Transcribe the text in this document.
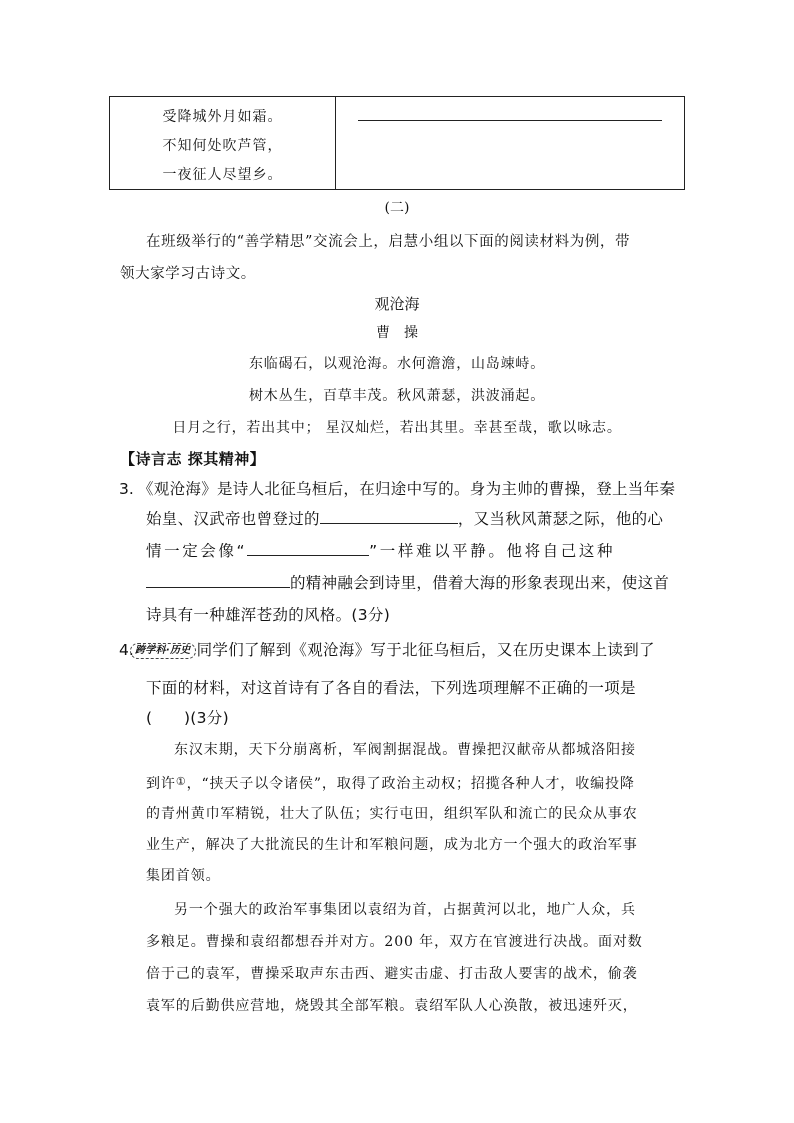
受降城外月如霜。
不知何处吹芦管，
一夜征人尽望乡。
(二)
在班级举行的“善学精思”交流会上，启慧小组以下面的阅读材料为例，带
领大家学习古诗文。
观沧海
曹操
东临碣石，以观沧海。水何澹澹，山岛竦峙。
树木丛生，百草丰茂。秋风萧瑟，洪波涌起。
日月之行，若出其中； 星汉灿烂，若出其里。幸甚至哉，歌以咏志。
【诗言志 探其精神】
3. 《观沧海》是诗人北征乌桓后，在归途中写的。身为主帅的曹操，登上当年秦
始皇、汉武帝也曾登过的	，又当秋风萧瑟之际，他的心
情一定会像“	”一样难以平静。他将自己这种
的精神融会到诗里，借着大海的形象表现出来，使这首
诗具有一种雄浑苍劲的风格。(3分)
4. 跨学科·历史 同学们了解到《观沧海》写于北征乌桓后，又在历史课本上读到了
下面的材料，对这首诗有了各自的看法，下列选项理解不正确的一项是
(　　)(3分)
东汉末期，天下分崩离析，军阀割据混战。曹操把汉献帝从都城洛阳接
到许①，“挟天子以令诸侯”，取得了政治主动权；招揽各种人才，收编投降
的青州黄巾军精锐，壮大了队伍；实行屯田，组织军队和流亡的民众从事农
业生产，解决了大批流民的生计和军粮问题，成为北方一个强大的政治军事
集团首领。
另一个强大的政治军事集团以袁绍为首，占据黄河以北，地广人众，兵
多粮足。曹操和袁绍都想吞并对方。200 年，双方在官渡进行决战。面对数
倍于己的袁军，曹操采取声东击西、避实击虚、打击敌人要害的战术，偷袭
袁军的后勤供应营地，烧毁其全部军粮。袁绍军队人心涣散，被迅速歼灭，
